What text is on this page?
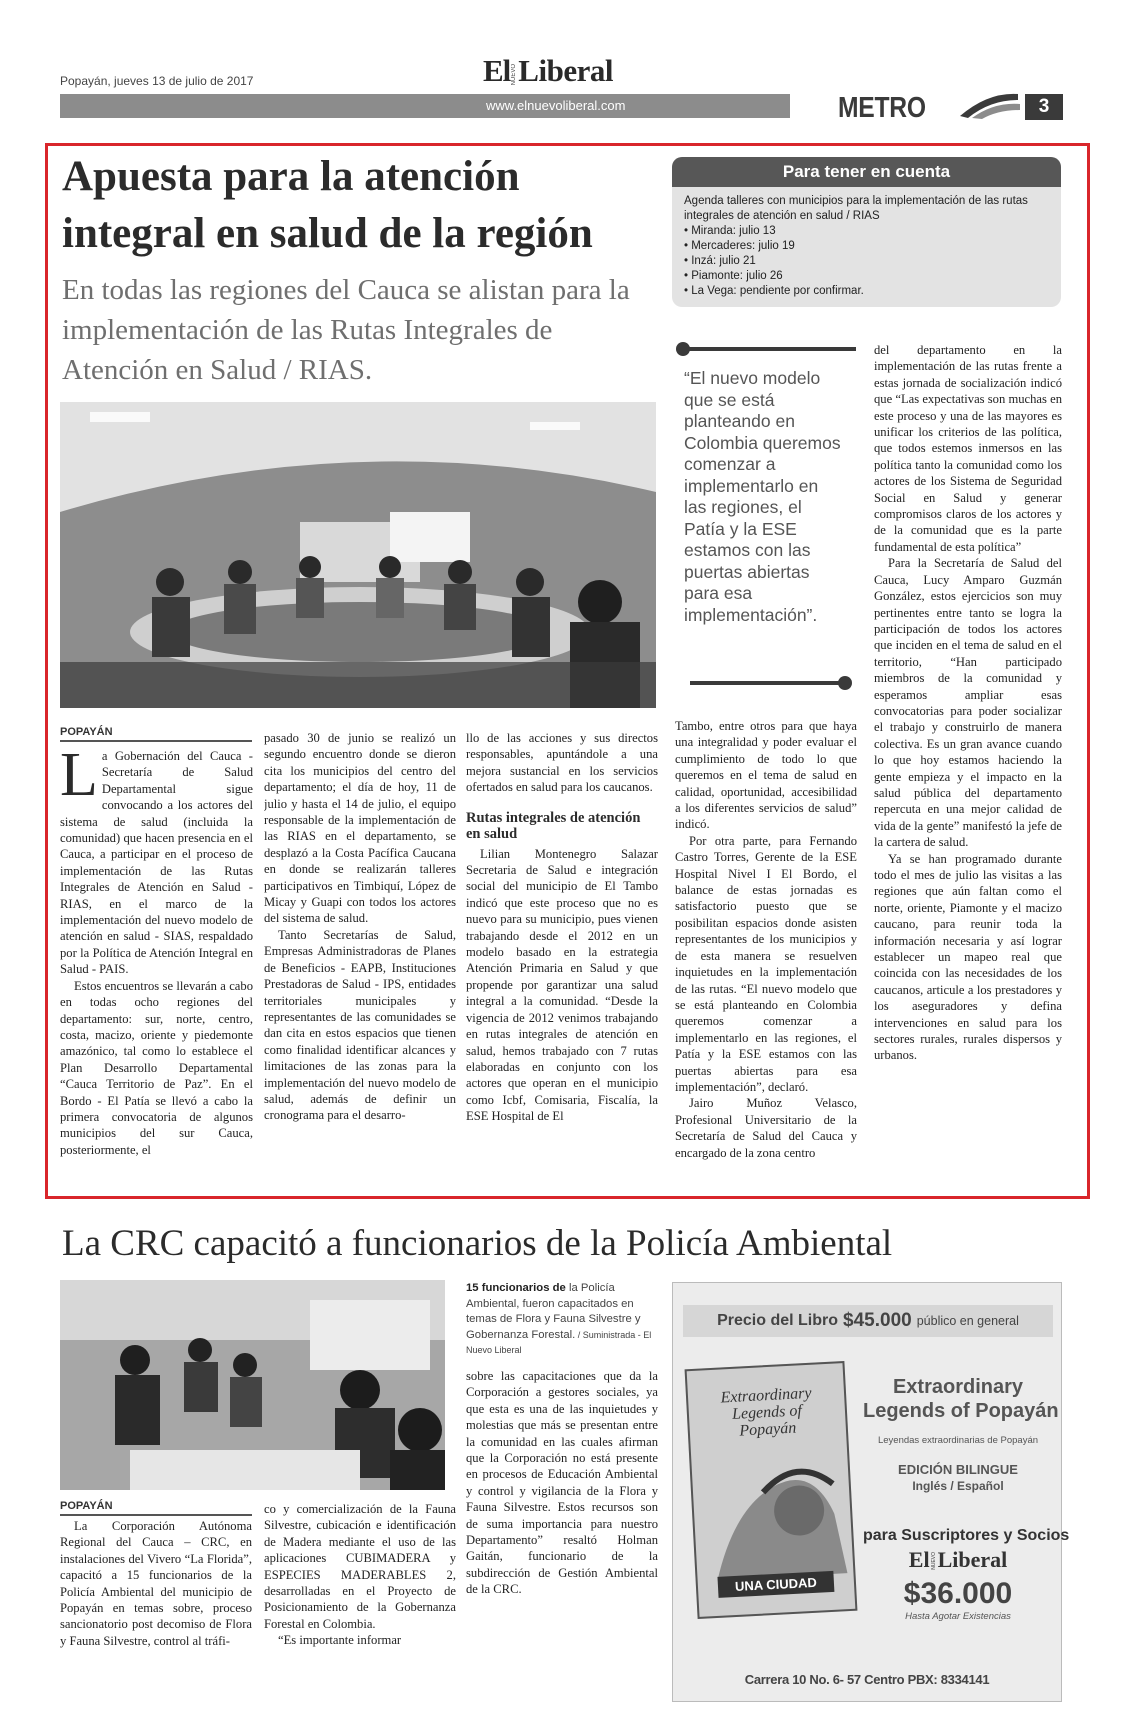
Popayán, jueves 13 de julio de 2017	El NUEVO Liberal
www.elnuevoliberal.com	METRO	3
Apuesta para la atención
integral en salud de la región
En todas las regiones del Cauca se alistan para la implementación de las Rutas Integrales de Atención en Salud / RIAS.
Para tener en cuenta
Agenda talleres con municipios para la implementación de las rutas integrales de atención en salud / RIAS
• Miranda: julio 13
• Mercaderes: julio 19
• Inzá: julio 21
• Piamonte: julio 26
• La Vega: pendiente por confirmar.
“El nuevo modelo que se está planteando en Colombia queremos comenzar a implementarlo en las regiones, el Patía y la ESE estamos con las puertas abiertas para esa implementación”.
POPAYÁN
L a Gobernación del Cauca - Secretaría de Salud Departamental sigue convocando a los actores del sistema de salud (incluida la comunidad) que hacen presencia en el Cauca, a participar en el proceso de implementación de las Rutas Integrales de Atención en Salud - RIAS, en el marco de la implementación del nuevo modelo de atención en salud - SIAS, respaldado por la Política de Atención Integral en Salud - PAIS.

Estos encuentros se llevarán a cabo en todas ocho regiones del departamento: sur, norte, centro, costa, macizo, oriente y piedemonte amazónico, tal como lo establece el Plan Desarrollo Departamental “Cauca Territorio de Paz”. En el Bordo - El Patía se llevó a cabo la primera convocatoria de algunos municipios del sur Cauca, posteriormente, el

pasado 30 de junio se realizó un segundo encuentro donde se dieron cita los municipios del centro del departamento; el día de hoy, 11 de julio y hasta el 14 de julio, el equipo responsable de la implementación de las RIAS en el departamento, se desplazó a la Costa Pacífica Caucana en donde se realizarán talleres participativos en Timbiquí, López de Micay y Guapi con todos los actores del sistema de salud.

Tanto Secretarías de Salud, Empresas Administradoras de Planes de Beneficios - EAPB, Instituciones Prestadoras de Salud - IPS, entidades territoriales municipales y representantes de las comunidades se dan cita en estos espacios que tienen como finalidad identificar alcances y limitaciones de las zonas para la implementación del nuevo modelo de salud, además de definir un cronograma para el desarro-

llo de las acciones y sus directos responsables, apuntándole a una mejora sustancial en los servicios ofertados en salud para los caucanos.

Rutas integrales de atención en salud

Lilian Montenegro Salazar Secretaria de Salud e integración social del municipio de El Tambo indicó que este proceso que no es nuevo para su municipio, pues vienen trabajando desde el 2012 en un modelo basado en la estrategia Atención Primaria en Salud y que propende por garantizar una salud integral a la comunidad. “Desde la vigencia de 2012 venimos trabajando en rutas integrales de atención en salud, hemos trabajado con 7 rutas elaboradas en conjunto con los actores que operan en el municipio como Icbf, Comisaria, Fiscalía, la ESE Hospital de El

Tambo, entre otros para que haya una integralidad y poder evaluar el cumplimiento de todo lo que queremos en el tema de salud en calidad, oportunidad, accesibilidad a los diferentes servicios de salud” indicó.

Por otra parte, para Fernando Castro Torres, Gerente de la ESE Hospital Nivel I El Bordo, el balance de estas jornadas es satisfactorio puesto que se posibilitan espacios donde asisten representantes de los municipios y de esta manera se resuelven inquietudes en la implementación de las rutas. “El nuevo modelo que se está planteando en Colombia queremos comenzar a implementarlo en las regiones, el Patía y la ESE estamos con las puertas abiertas para esa implementación”, declaró.

Jairo Muñoz Velasco, Profesional Universitario de la Secretaría de Salud del Cauca y encargado de la zona centro

del departamento en la implementación de las rutas frente a estas jornada de socialización indicó que “Las expectativas son muchas en este proceso y una de las mayores es unificar los criterios de las política, que todos estemos inmersos en las política tanto la comunidad como los actores de los Sistema de Seguridad Social en Salud y generar compromisos claros de los actores y de la comunidad que es la parte fundamental de esta política”

Para la Secretaría de Salud del Cauca, Lucy Amparo Guzmán González, estos ejercicios son muy pertinentes entre tanto se logra la participación de todos los actores que inciden en el tema de salud en el territorio, “Han participado miembros de la comunidad y esperamos ampliar esas convocatorias para poder socializar el trabajo y construirlo de manera colectiva. Es un gran avance cuando lo que hoy estamos haciendo la gente empieza y el impacto en la salud pública del departamento repercuta en una mejor calidad de vida de la gente” manifestó la jefe de la cartera de salud.

Ya se han programado durante todo el mes de julio las visitas a las regiones que aún faltan como el norte, oriente, Piamonte y el macizo caucano, para reunir toda la información necesaria y así lograr establecer un mapeo real que coincida con las necesidades de los caucanos, articule a los prestadores y los aseguradores y defina intervenciones en salud para los sectores rurales, rurales dispersos y urbanos.

La CRC capacitó a funcionarios de la Policía Ambiental
15 funcionarios de la Policía Ambiental, fueron capacitados en temas de Flora y Fauna Silvestre y Gobernanza Forestal. / Suministrada - El Nuevo Liberal
POPAYÁN

La Corporación Autónoma Regional del Cauca – CRC, en instalaciones del Vivero “La Florida”, capacitó a 15 funcionarios de la Policía Ambiental del municipio de Popayán en temas sobre, proceso sancionatorio post decomiso de Flora y Fauna Silvestre, control al tráfi-

co y comercialización de la Fauna Silvestre, cubicación e identificación de Madera mediante el uso de las aplicaciones CUBIMADERA y ESPECIES MADERABLES 2, desarrolladas en el Proyecto de Posicionamiento de la Gobernanza Forestal en Colombia.

“Es importante informar

sobre las capacitaciones que da la Corporación a gestores sociales, ya que esta es una de las inquietudes y molestias que más se presentan entre la comunidad en las cuales afirman que la Corporación no está presente en procesos de Educación Ambiental y control y vigilancia de la Flora y Fauna Silvestre. Estos recursos son de suma importancia para nuestro Departamento” resaltó Holman Gaitán, funcionario de la subdirección de Gestión Ambiental de la CRC.

Precio del Libro $45.000 público en general
Extraordinary Legends of Popayán
UNA CIUDAD
Extraordinary
Legends of Popayán
Leyendas extraordinarias de Popayán
EDICIÓN BILINGUE
Inglés / Español
para Suscriptores y Socios
El NUEVO Liberal
$36.000
Hasta Agotar Existencias
Carrera 10 No. 6- 57 Centro PBX: 8334141
